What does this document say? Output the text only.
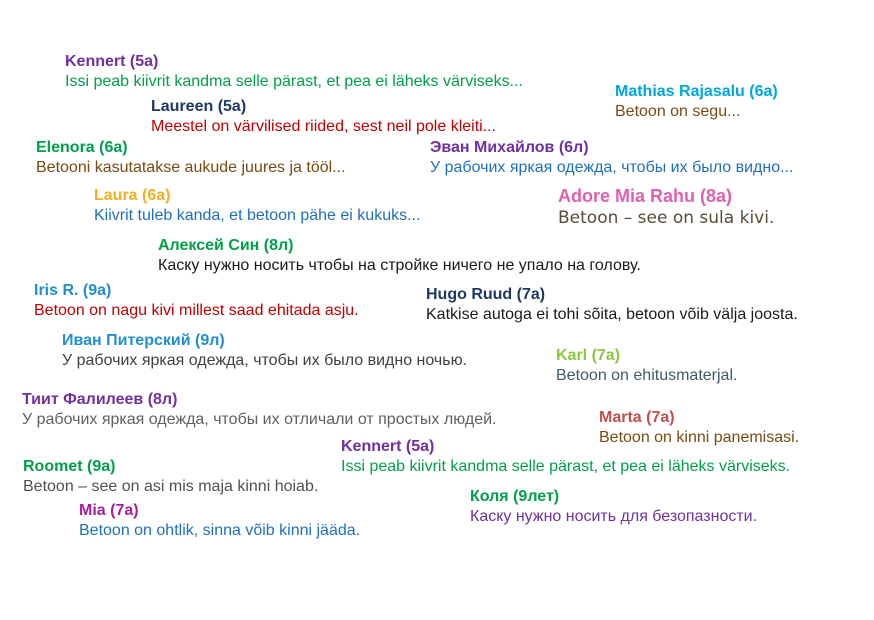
Kennert (5a)
Issi peab kiivrit kandma selle pärast, et pea ei läheks värviseks...
Laureen (5a)
Meestel on värvilised riided, sest neil pole kleiti...
Mathias Rajasalu (6a)
Betoon on segu...
Elenora (6a)
Betooni kasutatakse aukude juures ja tööl...
Эван Михайлов (6л)
У рабочих яркая одежда, чтобы их было видно...
Laura (6a)
Kiivrit tuleb kanda, et betoon pähe ei kukuks...
Adore Mia Rahu (8a)
Betoon – see on sula kivi.
Алексей Син (8л)
Каску нужно носить чтобы на стройке ничего не упало на голову.
Iris R. (9a)
Betoon on nagu kivi millest saad ehitada asju.
Hugo Ruud (7a)
Katkise autoga ei tohi sõita, betoon võib välja joosta.
Иван Питерский (9л)
У рабочих яркая одежда, чтобы их было видно ночью.	Karl (7a)
Betoon on ehitusmaterjal.
Тиит Фалилеев (8л)
У рабочих яркая одежда, чтобы их отличали от простых людей.	Marta (7a)
Betoon on kinni panemisasi.
Kennert (5a)
Issi peab kiivrit kandma selle pärast, et pea ei läheks värviseks.
Roomet (9a)
Betoon – see on asi mis maja kinni hoiab.
Коля (9лет)
Каску нужно носить для безопазности.
Mia (7a)
Betoon on ohtlik, sinna võib kinni jääda.
